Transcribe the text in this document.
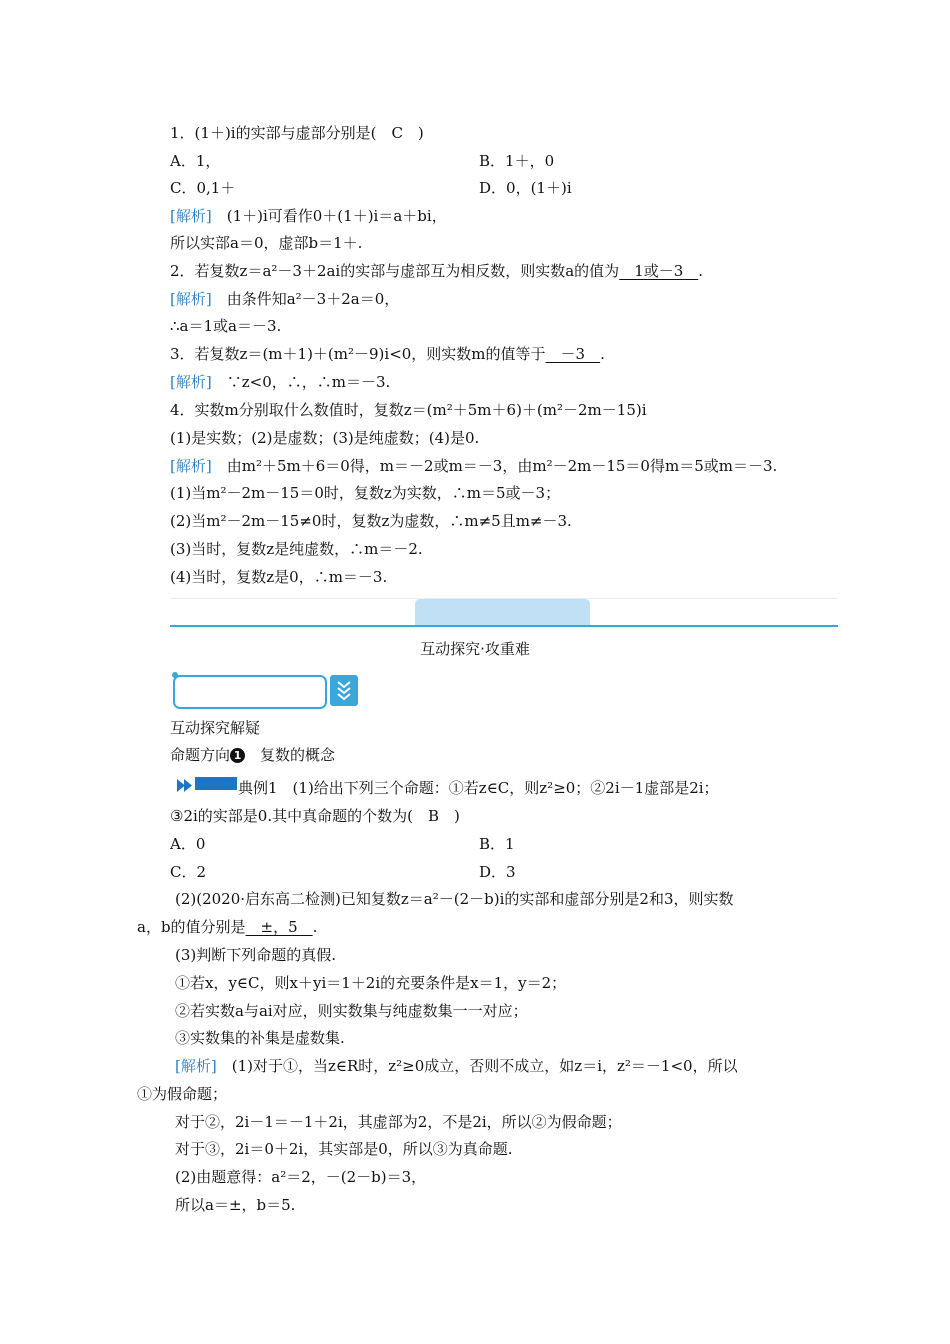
1．(1＋)i的实部与虚部分别是(　C　)
A．1，	B．1＋，0
C．0,1＋	D．0，(1＋)i
[解析]　(1＋)i可看作0＋(1＋)i＝a＋bi，
所以实部a＝0，虚部b＝1＋.
2．若复数z＝a²－3＋2ai的实部与虚部互为相反数，则实数a的值为　1或－3　.
[解析]　由条件知a²－3＋2a＝0，
∴a＝1或a＝－3.
3．若复数z＝(m＋1)＋(m²－9)i<0，则实数m的值等于　－3　.
[解析]　∵z<0，∴，∴m＝－3.
4．实数m分别取什么数值时，复数z＝(m²＋5m＋6)＋(m²－2m－15)i
(1)是实数；(2)是虚数；(3)是纯虚数；(4)是0.
[解析]　由m²＋5m＋6＝0得，m＝－2或m＝－3，由m²－2m－15＝0得m＝5或m＝－3.
(1)当m²－2m－15＝0时，复数z为实数，∴m＝5或－3；
(2)当m²－2m－15≠0时，复数z为虚数，∴m≠5且m≠－3.
(3)当时，复数z是纯虚数，∴m＝－2.
(4)当时，复数z是0，∴m＝－3.
互动探究·攻重难
互动探究解疑
命题方向 1　复数的概念
典例1　(1)给出下列三个命题：①若z∈C，则z²≥0；②2i－1虚部是2i；
③2i的实部是0.其中真命题的个数为(　B　)
A．0	B．1
C．2	D．3
(2)(2020·启东高二检测)已知复数z＝a²－(2－b)i的实部和虚部分别是2和3，则实数
a，b的值分别是　±，5　.
(3)判断下列命题的真假.
①若x，y∈C，则x＋yi＝1＋2i的充要条件是x＝1，y＝2；
②若实数a与ai对应，则实数集与纯虚数集一一对应；
③实数集的补集是虚数集.
[解析]　(1)对于①，当z∈R时，z²≥0成立，否则不成立，如z＝i，z²＝－1<0，所以
①为假命题；
对于②，2i－1＝－1＋2i，其虚部为2，不是2i，所以②为假命题；
对于③，2i＝0＋2i，其实部是0，所以③为真命题.
(2)由题意得：a²＝2，－(2－b)＝3，
所以a＝±，b＝5.
